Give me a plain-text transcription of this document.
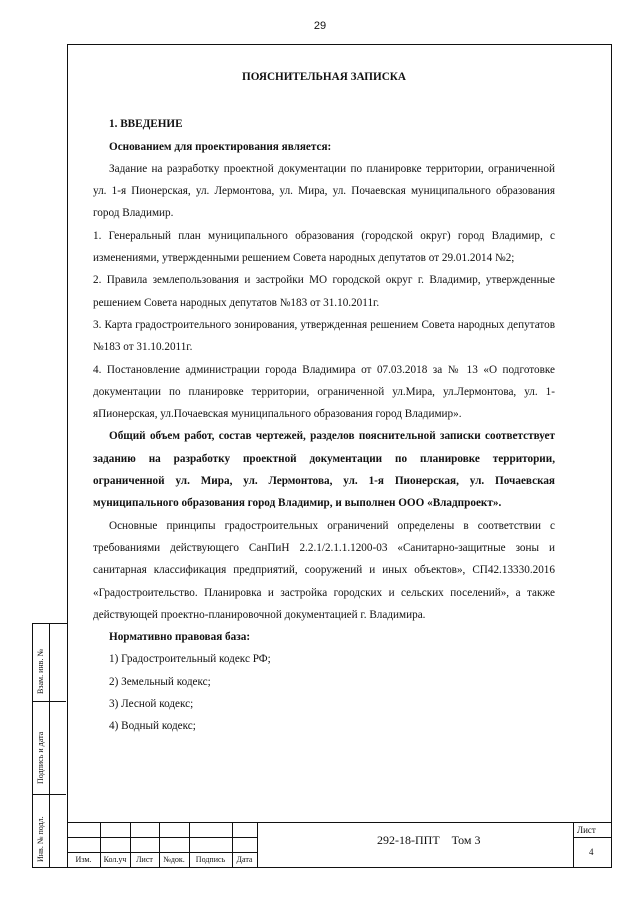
29

ПОЯСНИТЕЛЬНАЯ ЗАПИСКА

1. ВВЕДЕНИЕ

Основанием для проектирования является:

Задание на разработку проектной документации по планировке территории, ограниченной ул. 1-я Пионерская, ул. Лермонтова, ул. Мира, ул. Почаевская муниципального образования город Владимир.

1. Генеральный план муниципального образования (городской округ) город Владимир, с изменениями, утвержденными решением Совета народных депутатов от 29.01.2014 №2;

2. Правила землепользования и застройки МО городской округ г. Владимир, утвержденные решением Совета народных депутатов №183 от 31.10.2011г.

3. Карта градостроительного зонирования, утвержденная решением Совета народных депутатов №183 от 31.10.2011г.

4. Постановление администрации города Владимира от 07.03.2018 за № 13 «О подготовке документации по планировке территории, ограниченной ул.Мира, ул.Лермонтова, ул. 1-яПионерская, ул.Почаевская муниципального образования город Владимир».

Общий объем работ, состав чертежей, разделов пояснительной записки соответствует заданию на разработку проектной документации по планировке территории, ограниченной ул. Мира, ул. Лермонтова, ул. 1-я Пионерская, ул. Почаевская муниципального образования город Владимир, и выполнен ООО «Владпроект».

Основные принципы градостроительных ограничений определены в соответствии с требованиями действующего СанПиН 2.2.1/2.1.1.1200-03 «Санитарно-защитные зоны и санитарная классификация предприятий, сооружений и иных объектов», СП42.13330.2016 «Градостроительство. Планировка и застройка городских и сельских поселений», а также действующей проектно-планировочной документацией г. Владимира.

Нормативно правовая база:

1) Градостроительный кодекс РФ;

2) Земельный кодекс;

3) Лесной кодекс;

4) Водный кодекс;

Взам. инв. №
Подпись и дата
Инв. № подл.	Изм.	Кол.уч	Лист	№док.	Подпись	Дата
292-18-ППТ    Том 3
Лист
4
